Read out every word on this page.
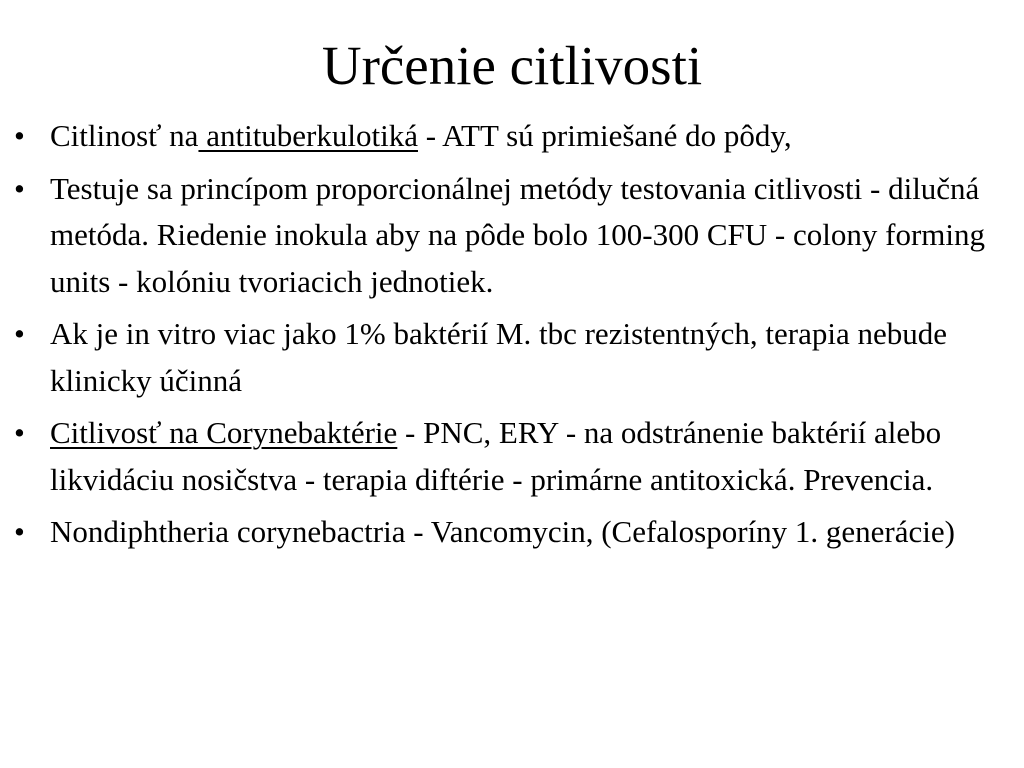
Určenie citlivosti
• Citlinosť na antituberkulotiká - ATT sú primiešané do pôdy,
• Testuje sa princípom proporcionálnej metódy testovania citlivosti - dilučná metóda. Riedenie inokula aby na pôde bolo 100-300 CFU - colony forming units - kolóniu tvoriacich jednotiek.
• Ak je in vitro viac jako 1% baktérií M. tbc rezistentných, terapia nebude klinicky účinná
• Citlivosť na Corynebaktérie - PNC, ERY - na odstránenie baktérií alebo likvidáciu nosičstva - terapia diftérie - primárne antitoxická. Prevencia.
• Nondiphtheria corynebactria - Vancomycin, (Cefalosporíny 1. generácie)
